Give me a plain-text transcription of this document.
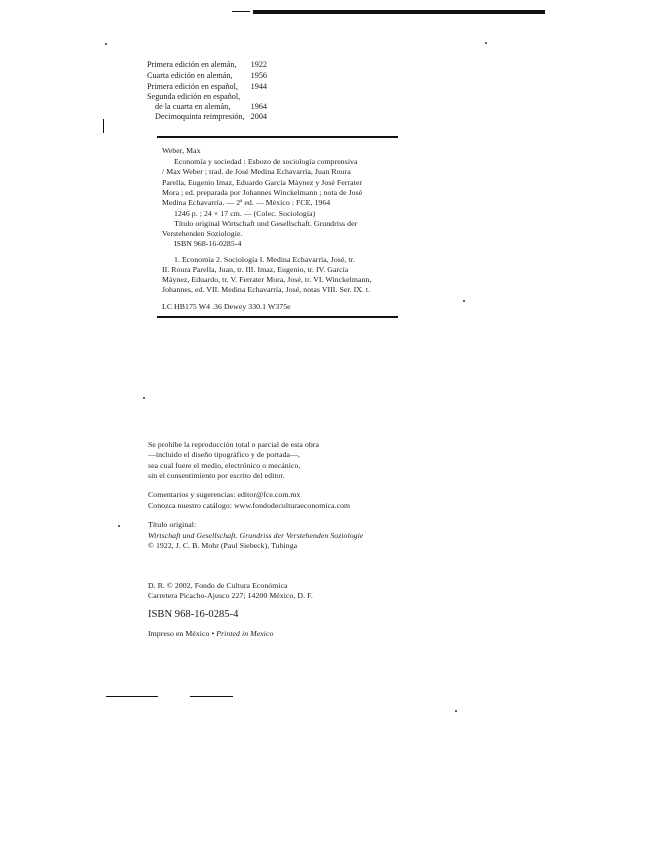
Primera edición en alemán, 1922
Cuarta edición en alemán, 1956
Primera edición en español, 1944
Segunda edición en español,
de la cuarta en alemán, 1964
Decimoquinta reimpresión, 2004
Weber, Max
Economía y sociedad : Esbozo de sociología comprensiva
/ Max Weber ; trad. de José Medina Echavarría, Juan Roura
Parella, Eugenio Imaz, Eduardo García Máynez y José Ferrater
Mora ; ed. preparada por Johannes Winckelmann ; nota de José
Medina Echavarría. — 2ª ed. — México : FCE, 1964
1246 p. ; 24 × 17 cm. — (Colec. Sociología)
Título original Wirtschaft und Gesellschaft. Grundriss der
Verstehenden Soziologie.
ISBN 968-16-0285-4
1. Economía 2. Sociología I. Medina Echavarría, José, tr.
II. Roura Parella, Juan, tr. III. Imaz, Eugenio, tr. IV. García
Máynez, Eduardo, tr. V. Ferrater Mora, José, tr. VI. Winckelmann,
Johannes, ed. VII. Medina Echavarría, José, notas VIII. Ser. IX. t.
LC HB175 W4 .36 Dewey 330.1 W375e
Se prohíbe la reproducción total o parcial de esta obra
—incluido el diseño tipográfico y de portada—,
sea cual fuere el medio, electrónico o mecánico,
sin el consentimiento por escrito del editor.
Comentarios y sugerencias: editor@fce.com.mx
Conozca nuestro catálogo: www.fondodeculturaeconomica.com
Título original:
Wirtschaft und Gesellschaft. Grundriss der Verstehenden Soziologie
© 1922, J. C. B. Mohr (Paul Siebeck), Tubinga
D. R. © 2002, Fondo de Cultura Económica
Carretera Picacho-Ajusco 227; 14200 México, D. F.
ISBN 968-16-0285-4
Impreso en México • Printed in Mexico
